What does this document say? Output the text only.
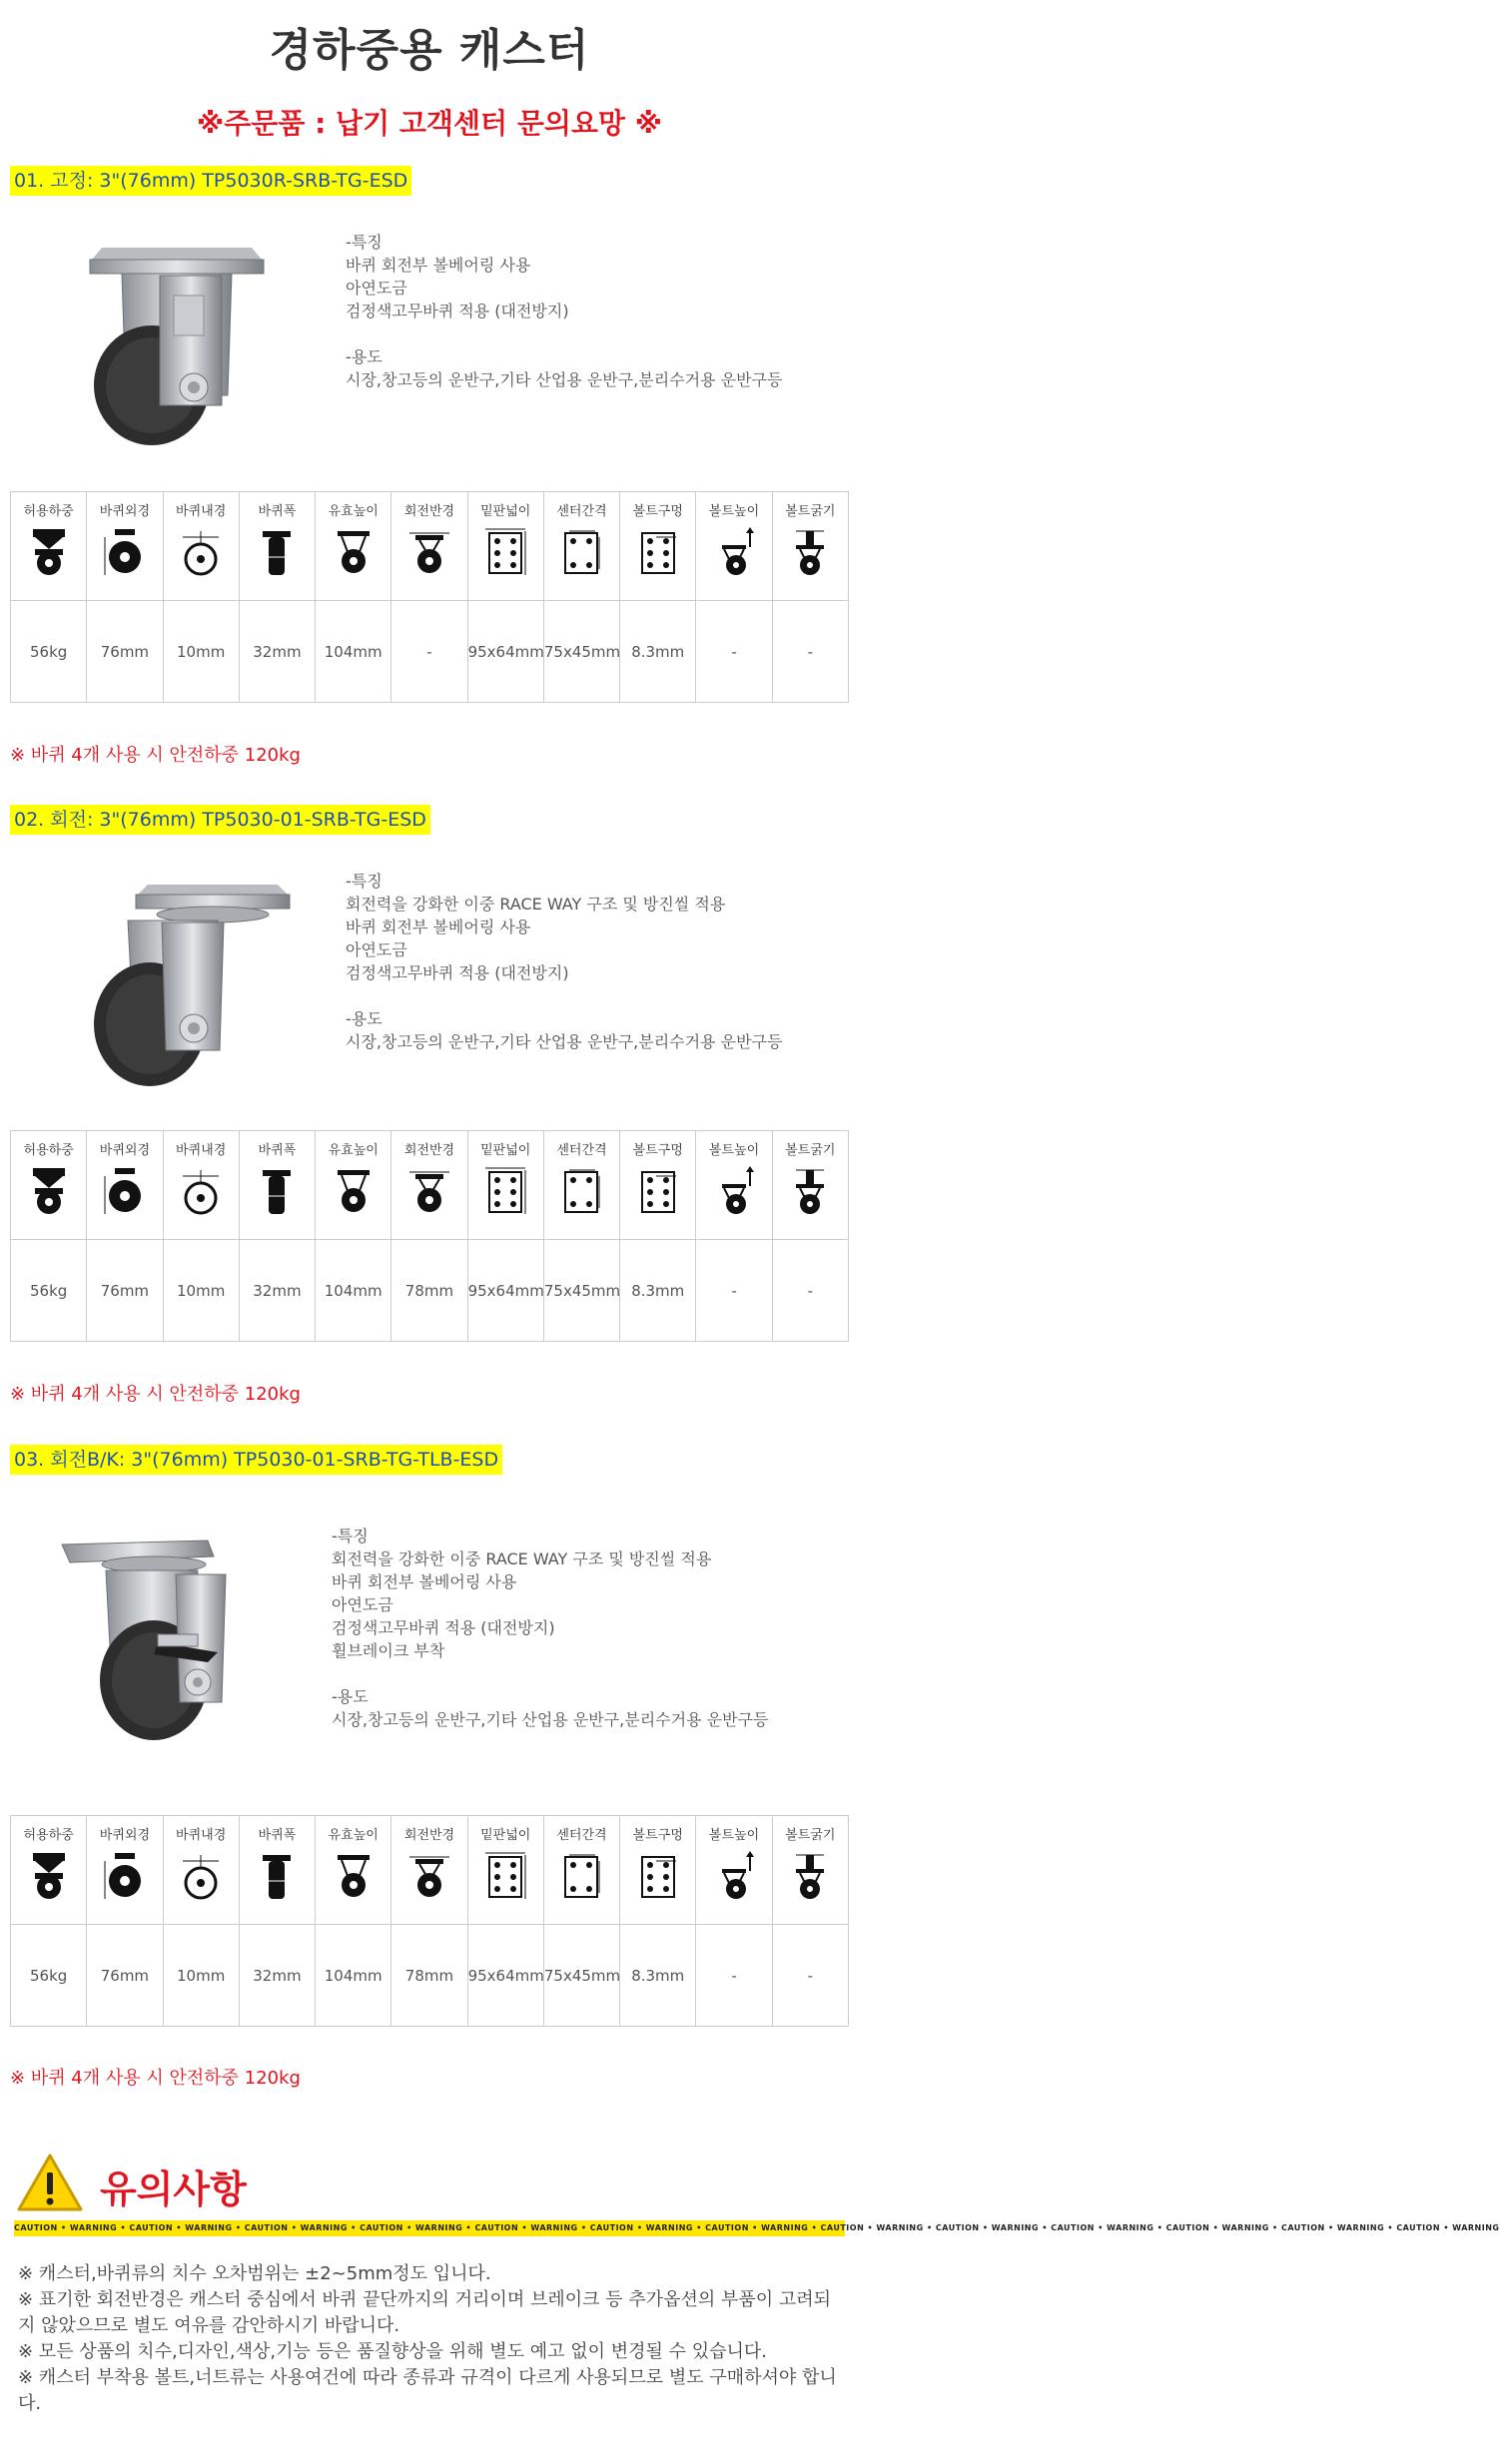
경하중용 캐스터
※주문품 : 납기 고객센터 문의요망 ※
01. 고정: 3"(76mm) TP5030R-SRB-TG-ESD
-특징
바퀴 회전부 볼베어링 사용
아연도금
검정색고무바퀴 적용 (대전방지)
-용도
시장,창고등의 운반구,기타 산업용 운반구,분리수거용 운반구등
허용하중	바퀴외경	바퀴내경	바퀴폭	유효높이	회전반경	밑판넓이	센터간격	볼트구멍	볼트높이	볼트굵기

56kg	76mm	10mm	32mm	104mm	-	95x64mm	75x45mm	8.3mm	-	-
※ 바퀴 4개 사용 시 안전하중 120kg
02. 회전: 3"(76mm) TP5030-01-SRB-TG-ESD
-특징
회전력을 강화한 이중 RACE WAY 구조 및 방진씰 적용
바퀴 회전부 볼베어링 사용
아연도금
검정색고무바퀴 적용 (대전방지)
-용도
시장,창고등의 운반구,기타 산업용 운반구,분리수거용 운반구등
허용하중	바퀴외경	바퀴내경	바퀴폭	유효높이	회전반경	밑판넓이	센터간격	볼트구멍	볼트높이	볼트굵기

56kg	76mm	10mm	32mm	104mm	78mm	95x64mm	75x45mm	8.3mm	-	-
※ 바퀴 4개 사용 시 안전하중 120kg
03. 회전B/K: 3"(76mm) TP5030-01-SRB-TG-TLB-ESD
-특징
회전력을 강화한 이중 RACE WAY 구조 및 방진씰 적용
바퀴 회전부 볼베어링 사용
아연도금
검정색고무바퀴 적용 (대전방지)
휠브레이크 부착
-용도
시장,창고등의 운반구,기타 산업용 운반구,분리수거용 운반구등
허용하중	바퀴외경	바퀴내경	바퀴폭	유효높이	회전반경	밑판넓이	센터간격	볼트구멍	볼트높이	볼트굵기

56kg	76mm	10mm	32mm	104mm	78mm	95x64mm	75x45mm	8.3mm	-	-
※ 바퀴 4개 사용 시 안전하중 120kg
유의사항
CAUTION • WARNING • CAUTION • WARNING • CAUTION • WARNING • CAUTION • WARNING • CAUTION • WARNING • CAUTION • WARNING • CAUTION • WARNING • CAUTION • WARNING • CAUTION • WARNING • CAUTION • WARNING • CAUTION • WARNING • CAUTION • WARNING • CAUTION • WARNING

※ 캐스터,바퀴류의 치수 오차범위는 ±2~5mm정도 입니다.

※ 표기한 회전반경은 캐스터 중심에서 바퀴 끝단까지의 거리이며 브레이크 등 추가옵션의 부품이 고려되지 않았으므로 별도 여유를 감안하시기 바랍니다.

※ 모든 상품의 치수,디자인,색상,기능 등은 품질향상을 위해 별도 예고 없이 변경될 수 있습니다.

※ 캐스터 부착용 볼트,너트류는 사용여건에 따라 종류과 규격이 다르게 사용되므로 별도 구매하셔야 합니다.
